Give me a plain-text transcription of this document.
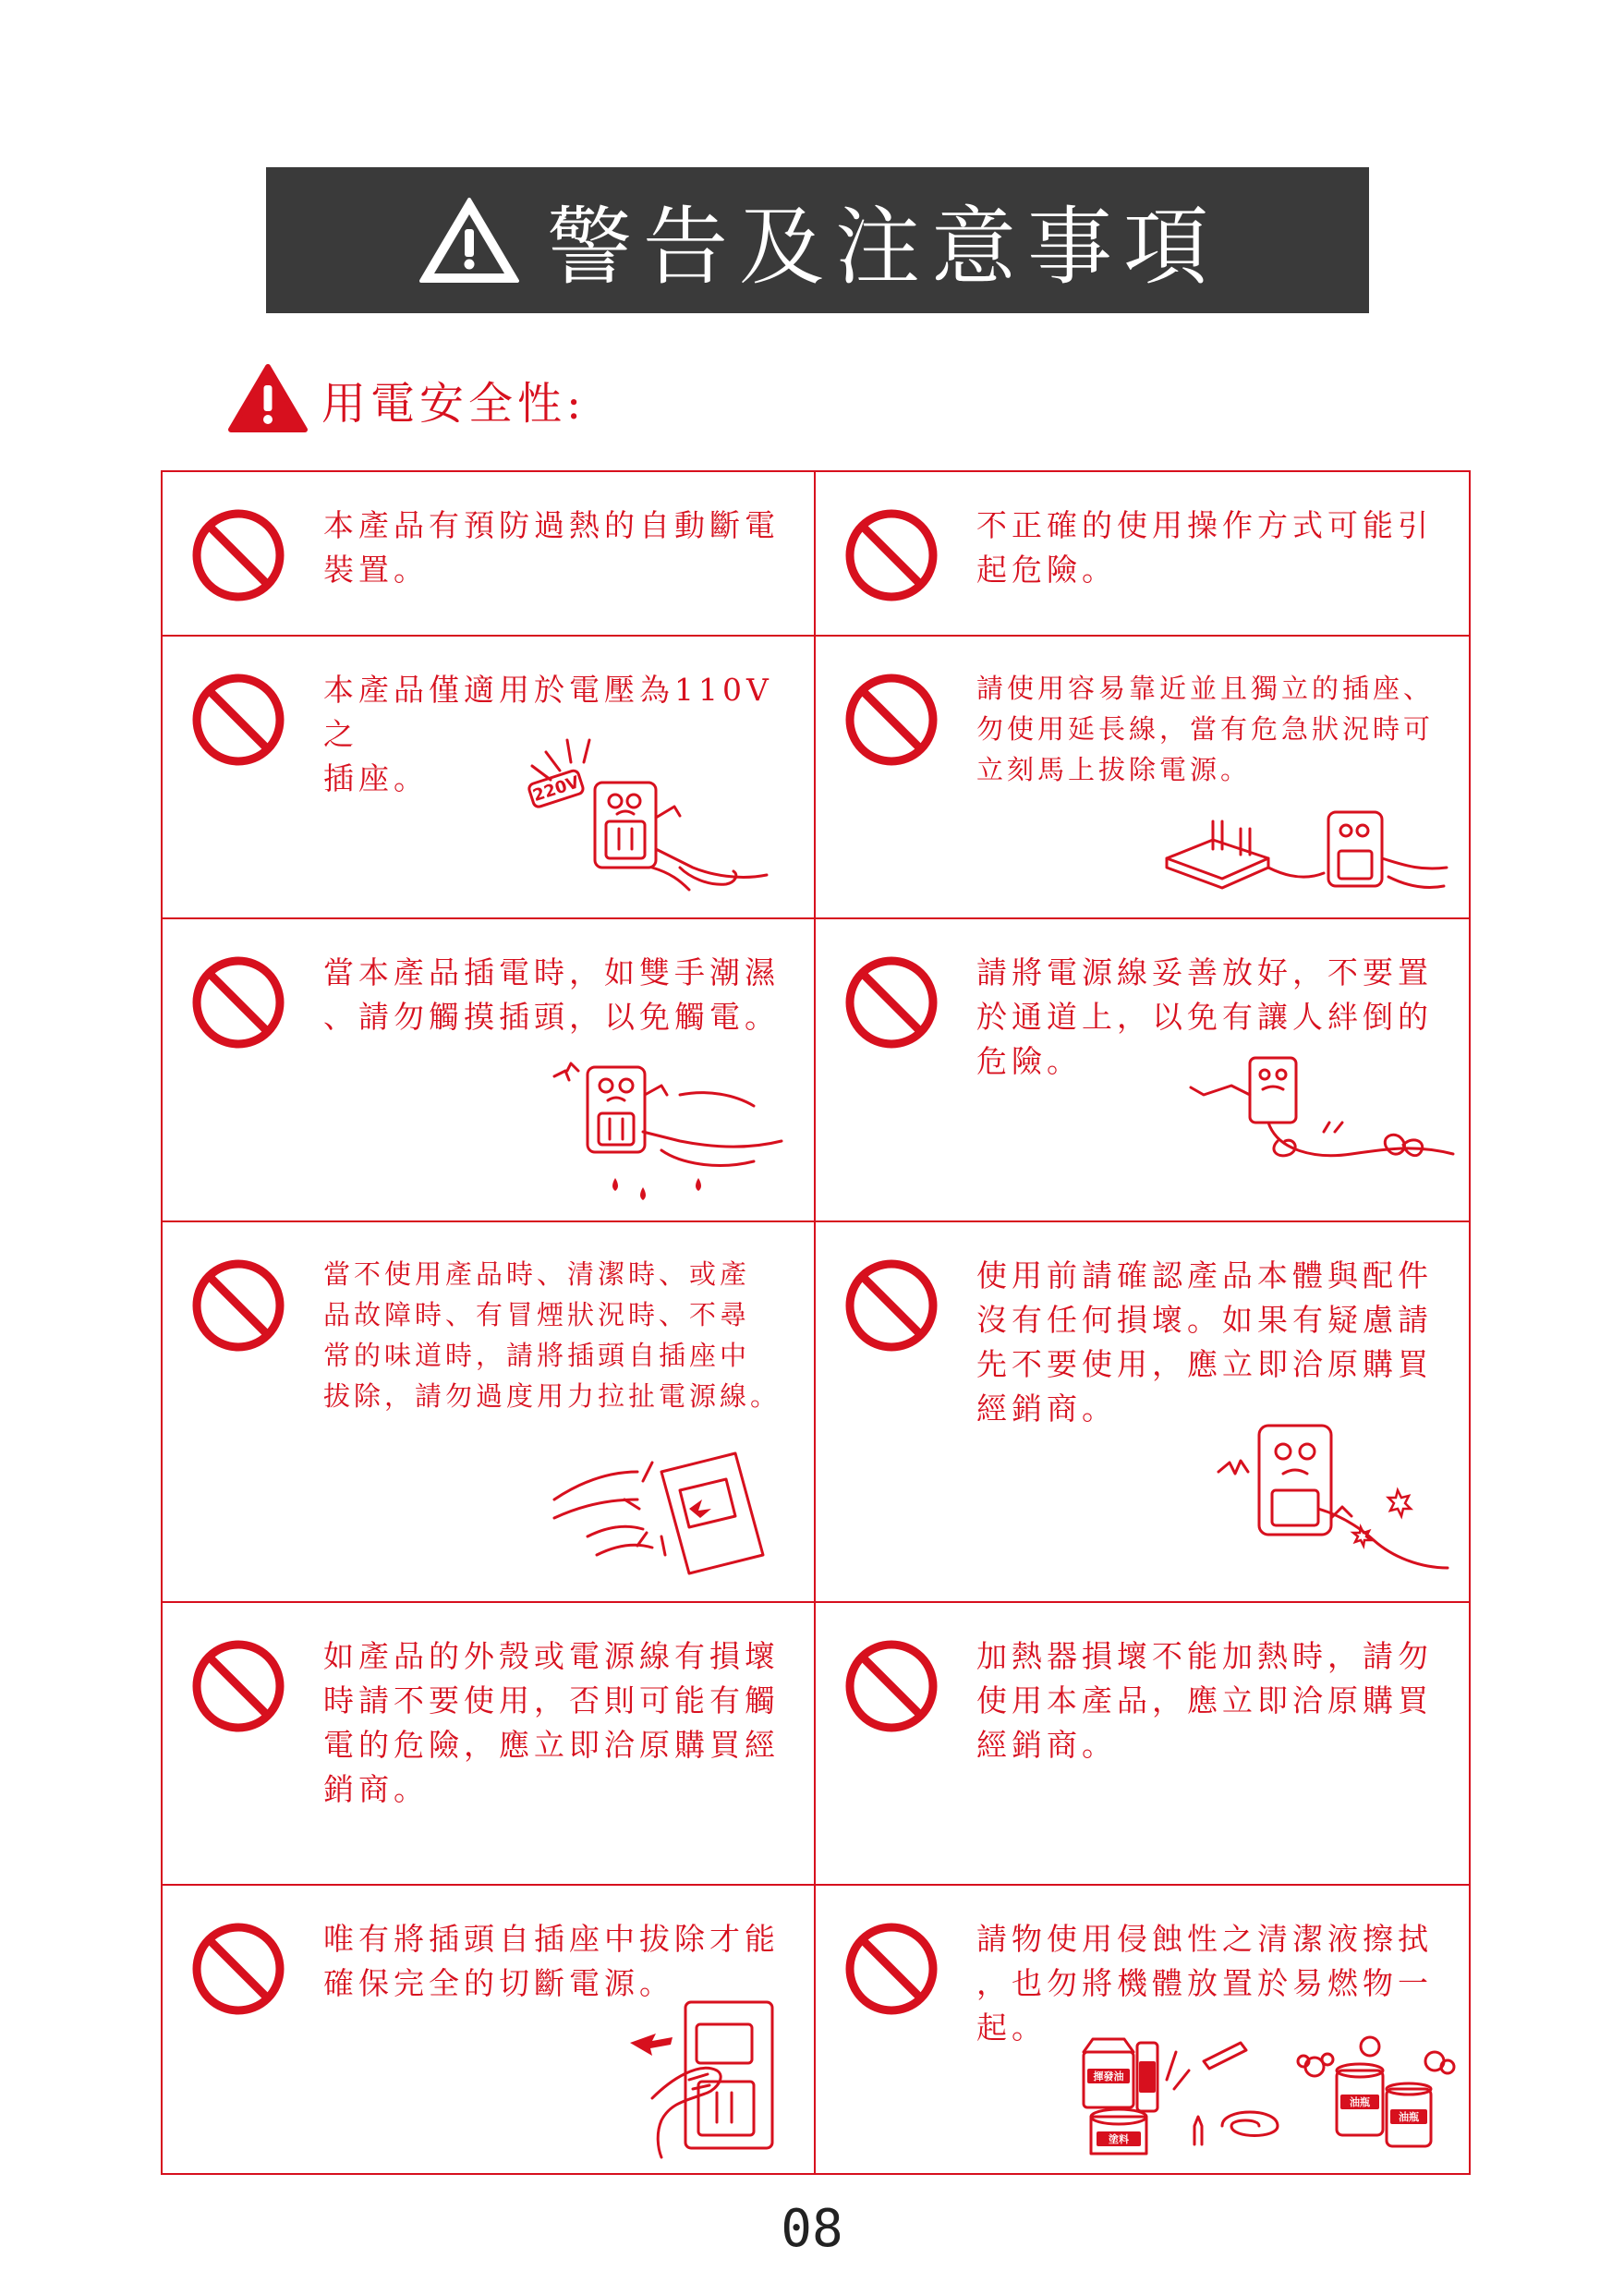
警告及注意事項
用電安全性:
本產品有預防過熱的自動斷電
裝置。
不正確的使用操作方式可能引
起危險。
本產品僅適用於電壓為110V之
插座。	220V
請使用容易靠近並且獨立的插座、
勿使用延長線，當有危急狀況時可
立刻馬上拔除電源。
當本產品插電時，如雙手潮濕
、請勿觸摸插頭，以免觸電。
請將電源線妥善放好，不要置
於通道上，以免有讓人絆倒的
危險。
當不使用產品時、清潔時、或產
品故障時、有冒煙狀況時、不尋
常的味道時，請將插頭自插座中
拔除，請勿過度用力拉扯電源線。
使用前請確認產品本體與配件
沒有任何損壞。如果有疑慮請
先不要使用，應立即洽原購買
經銷商。
如產品的外殼或電源線有損壞
時請不要使用，否則可能有觸
電的危險，應立即洽原購買經
銷商。
加熱器損壞不能加熱時，請勿
使用本產品，應立即洽原購買
經銷商。
唯有將插頭自插座中拔除才能
確保完全的切斷電源。
請物使用侵蝕性之清潔液擦拭
，也勿將機體放置於易燃物一
起。
揮發油
油瓶
油瓶
塗料
08
